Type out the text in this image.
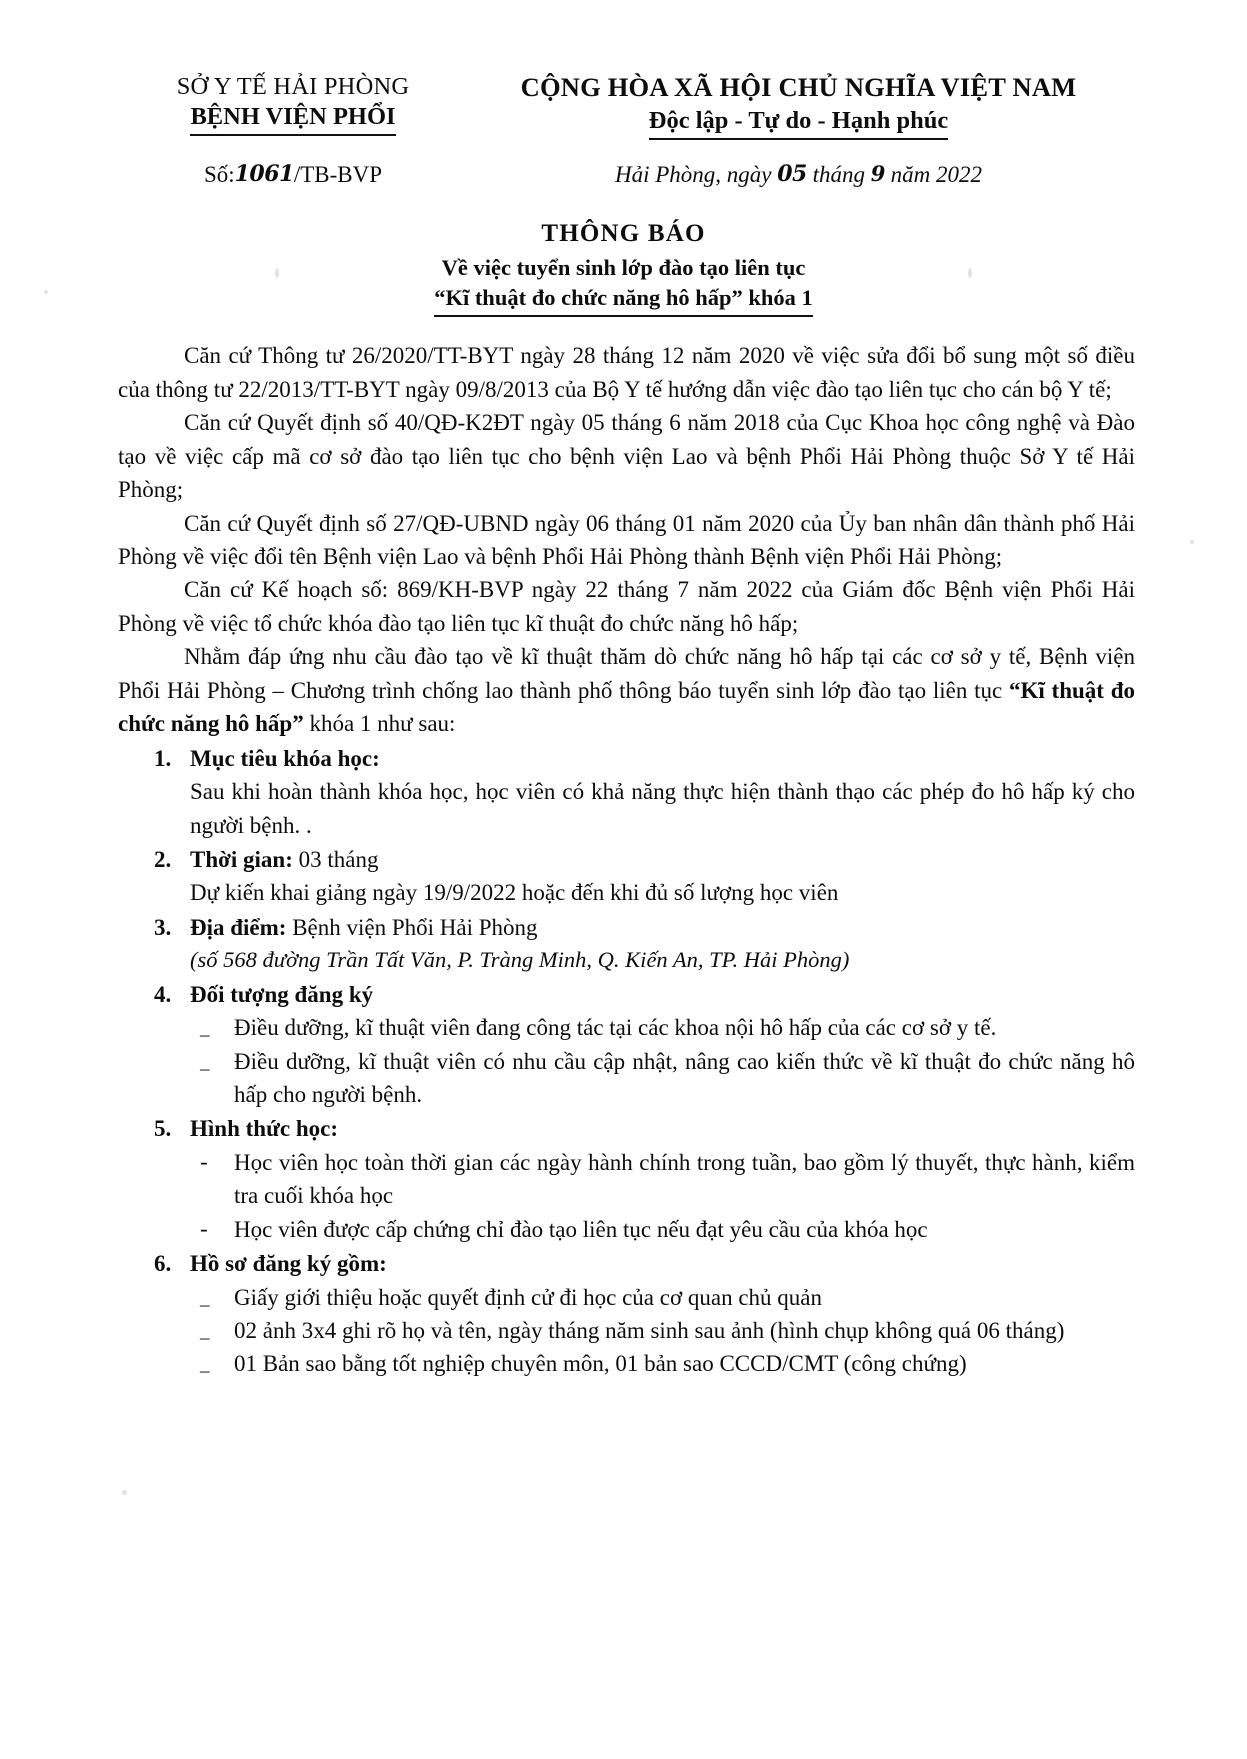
SỞ Y TẾ HẢI PHÒNG
BỆNH VIỆN PHỔI
CỘNG HÒA XÃ HỘI CHỦ NGHĨA VIỆT NAM
Độc lập - Tự do - Hạnh phúc
Số:1061/TB-BVP	Hải Phòng, ngày 05 tháng 9 năm 2022
THÔNG BÁO
Về việc tuyển sinh lớp đào tạo liên tục
“Kĩ thuật đo chức năng hô hấp” khóa 1

Căn cứ Thông tư 26/2020/TT-BYT ngày 28 tháng 12 năm 2020 về việc sửa đổi bổ sung một số điều của thông tư 22/2013/TT-BYT ngày 09/8/2013 của Bộ Y tế hướng dẫn việc đào tạo liên tục cho cán bộ Y tế;

Căn cứ Quyết định số 40/QĐ-K2ĐT ngày 05 tháng 6 năm 2018 của Cục Khoa học công nghệ và Đào tạo về việc cấp mã cơ sở đào tạo liên tục cho bệnh viện Lao và bệnh Phổi Hải Phòng thuộc Sở Y tế Hải Phòng;

Căn cứ Quyết định số 27/QĐ-UBND ngày 06 tháng 01 năm 2020 của Ủy ban nhân dân thành phố Hải Phòng về việc đổi tên Bệnh viện Lao và bệnh Phổi Hải Phòng thành Bệnh viện Phổi Hải Phòng;

Căn cứ Kế hoạch số: 869/KH-BVP ngày 22 tháng 7 năm 2022 của Giám đốc Bệnh viện Phổi Hải Phòng về việc tổ chức khóa đào tạo liên tục kĩ thuật đo chức năng hô hấp;

Nhằm đáp ứng nhu cầu đào tạo về kĩ thuật thăm dò chức năng hô hấp tại các cơ sở y tế, Bệnh viện Phổi Hải Phòng – Chương trình chống lao thành phố thông báo tuyển sinh lớp đào tạo liên tục “Kĩ thuật đo chức năng hô hấp” khóa 1 như sau:

1. Mục tiêu khóa học:
Sau khi hoàn thành khóa học, học viên có khả năng thực hiện thành thạo các phép đo hô hấp ký cho người bệnh. .
2. Thời gian: 03 tháng
Dự kiến khai giảng ngày 19/9/2022 hoặc đến khi đủ số lượng học viên
3. Địa điểm: Bệnh viện Phổi Hải Phòng
(số 568 đường Trần Tất Văn, P. Tràng Minh, Q. Kiến An, TP. Hải Phòng)
4. Đối tượng đăng ký
_ Điều dưỡng, kĩ thuật viên đang công tác tại các khoa nội hô hấp của các cơ sở y tế.
_ Điều dưỡng, kĩ thuật viên có nhu cầu cập nhật, nâng cao kiến thức về kĩ thuật đo chức năng hô hấp cho người bệnh.
5. Hình thức học:
- Học viên học toàn thời gian các ngày hành chính trong tuần, bao gồm lý thuyết, thực hành, kiểm tra cuối khóa học
- Học viên được cấp chứng chỉ đào tạo liên tục nếu đạt yêu cầu của khóa học
6. Hồ sơ đăng ký gồm:
_ Giấy giới thiệu hoặc quyết định cử đi học của cơ quan chủ quản
_ 02 ảnh 3x4 ghi rõ họ và tên, ngày tháng năm sinh sau ảnh (hình chụp không quá 06 tháng)
_ 01 Bản sao bằng tốt nghiệp chuyên môn, 01 bản sao CCCD/CMT (công chứng)
